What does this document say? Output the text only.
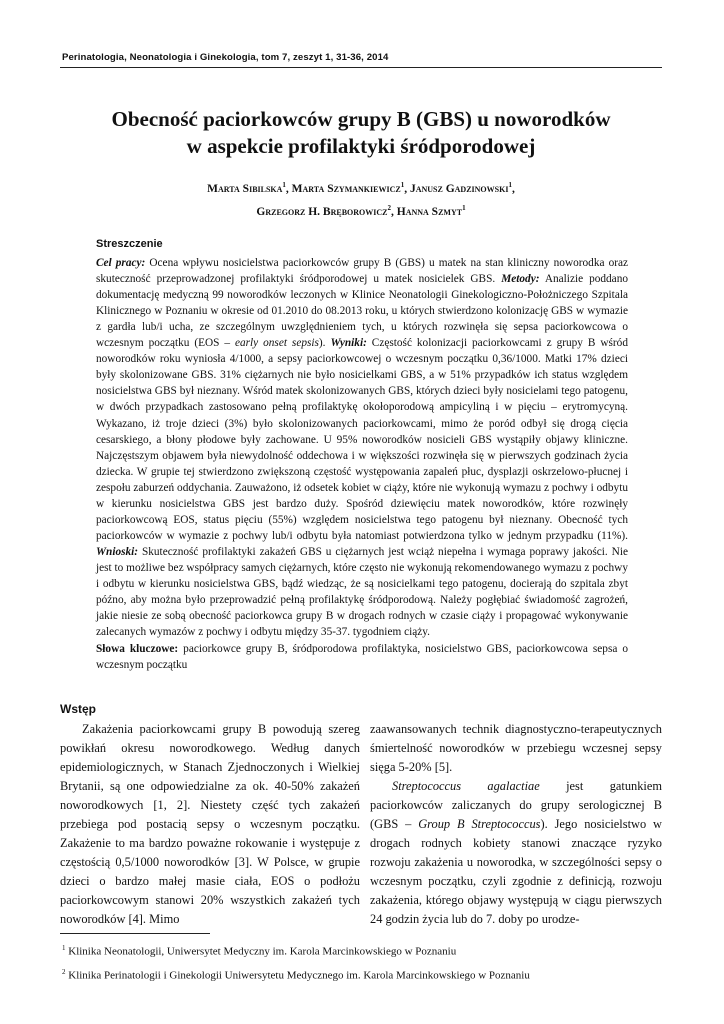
Perinatologia, Neonatologia i Ginekologia, tom 7, zeszyt 1, 31-36, 2014
Obecność paciorkowców grupy B (GBS) u noworodków
w aspekcie profilaktyki śródporodowej
Marta Sibilska$^1$, Marta Szymankiewicz$^1$, Janusz Gadzinowski$^1$,
Grzegorz H. Bręborowicz$^2$, Hanna Szmyt$^1$
Streszczenie

Cel pracy: Ocena wpływu nosicielstwa paciorkowców grupy B (GBS) u matek na stan kliniczny noworodka oraz skuteczność przeprowadzonej profilaktyki śródporodowej u matek nosicielek GBS. Metody: Analizie poddano dokumentację medyczną 99 noworodków leczonych w Klinice Neonatologii Ginekologiczno-Położniczego Szpitala Klinicznego w Poznaniu w okresie od 01.2010 do 08.2013 roku, u których stwierdzono kolonizację GBS w wymazie z gardła lub/i ucha, ze szczególnym uwzględnieniem tych, u których rozwinęła się sepsa paciorkowcowa o wczesnym początku (EOS – early onset sepsis). Wyniki: Częstość kolonizacji paciorkowcami z grupy B wśród noworodków roku wyniosła 4/1000, a sepsy paciorkowcowej o wczesnym początku 0,36/1000. Matki 17% dzieci były skolonizowane GBS. 31% ciężarnych nie było nosicielkami GBS, a w 51% przypadków ich status względem nosicielstwa GBS był nieznany. Wśród matek skolonizowanych GBS, których dzieci były nosicielami tego patogenu, w dwóch przypadkach zastosowano pełną profilaktykę okołoporodową ampicyliną i w pięciu – erytromycyną. Wykazano, iż troje dzieci (3%) było skolonizowanych paciorkowcami, mimo że poród odbył się drogą cięcia cesarskiego, a błony płodowe były zachowane. U 95% noworodków nosicieli GBS wystąpiły objawy kliniczne. Najczęstszym objawem była niewydolność oddechowa i w większości rozwinęła się w pierwszych godzinach życia dziecka. W grupie tej stwierdzono zwiększoną częstość występowania zapaleń płuc, dysplazji oskrzelowo-płucnej i zespołu zaburzeń oddychania. Zauważono, iż odsetek kobiet w ciąży, które nie wykonują wymazu z pochwy i odbytu w kierunku nosicielstwa GBS jest bardzo duży. Spośród dziewięciu matek noworodków, które rozwinęły paciorkowcową EOS, status pięciu (55%) względem nosicielstwa tego patogenu był nieznany. Obecność tych paciorkowców w wymazie z pochwy lub/i odbytu była natomiast potwierdzona tylko w jednym przypadku (11%). Wnioski: Skuteczność profilaktyki zakażeń GBS u ciężarnych jest wciąż niepełna i wymaga poprawy jakości. Nie jest to możliwe bez współpracy samych ciężarnych, które często nie wykonują rekomendowanego wymazu z pochwy i odbytu w kierunku nosicielstwa GBS, bądź wiedząc, że są nosicielkami tego patogenu, docierają do szpitala zbyt późno, aby można było przeprowadzić pełną profilaktykę śródporodową. Należy pogłębiać świadomość zagrożeń, jakie niesie ze sobą obecność paciorkowca grupy B w drogach rodnych w czasie ciąży i propagować wykonywanie zalecanych wymazów z pochwy i odbytu między 35-37. tygodniem ciąży.

Słowa kluczowe: paciorkowce grupy B, śródporodowa profilaktyka, nosicielstwo GBS, paciorkowcowa sepsa o wczesnym początku

Wstęp

Zakażenia paciorkowcami grupy B powodują szereg powikłań okresu noworodkowego. Według danych epidemiologicznych, w Stanach Zjednoczonych i Wielkiej Brytanii, są one odpowiedzialne za ok. 40-50% zakażeń noworodkowych [1, 2]. Niestety część tych zakażeń przebiega pod postacią sepsy o wczesnym początku. Zakażenie to ma bardzo poważne rokowanie i występuje z częstością 0,5/1000 noworodków [3]. W Polsce, w grupie dzieci o bardzo małej masie ciała, EOS o podłożu paciorkowcowym stanowi 20% wszystkich zakażeń tych noworodków [4]. Mimo

zaawansowanych technik diagnostyczno-terapeutycznych śmiertelność noworodków w przebiegu wczesnej sepsy sięga 5-20% [5].

Streptococcus agalactiae jest gatunkiem paciorkowców zaliczanych do grupy serologicznej B (GBS – Group B Streptococcus). Jego nosicielstwo w drogach rodnych kobiety stanowi znaczące ryzyko rozwoju zakażenia u noworodka, w szczególności sepsy o wczesnym początku, czyli zgodnie z definicją, rozwoju zakażenia, którego objawy występują w ciągu pierwszych 24 godzin życia lub do 7. doby po urodze-

$^1$ Klinika Neonatologii, Uniwersytet Medyczny im. Karola Marcinkowskiego w Poznaniu
$^2$ Klinika Perinatologii i Ginekologii Uniwersytetu Medycznego im. Karola Marcinkowskiego w Poznaniu
